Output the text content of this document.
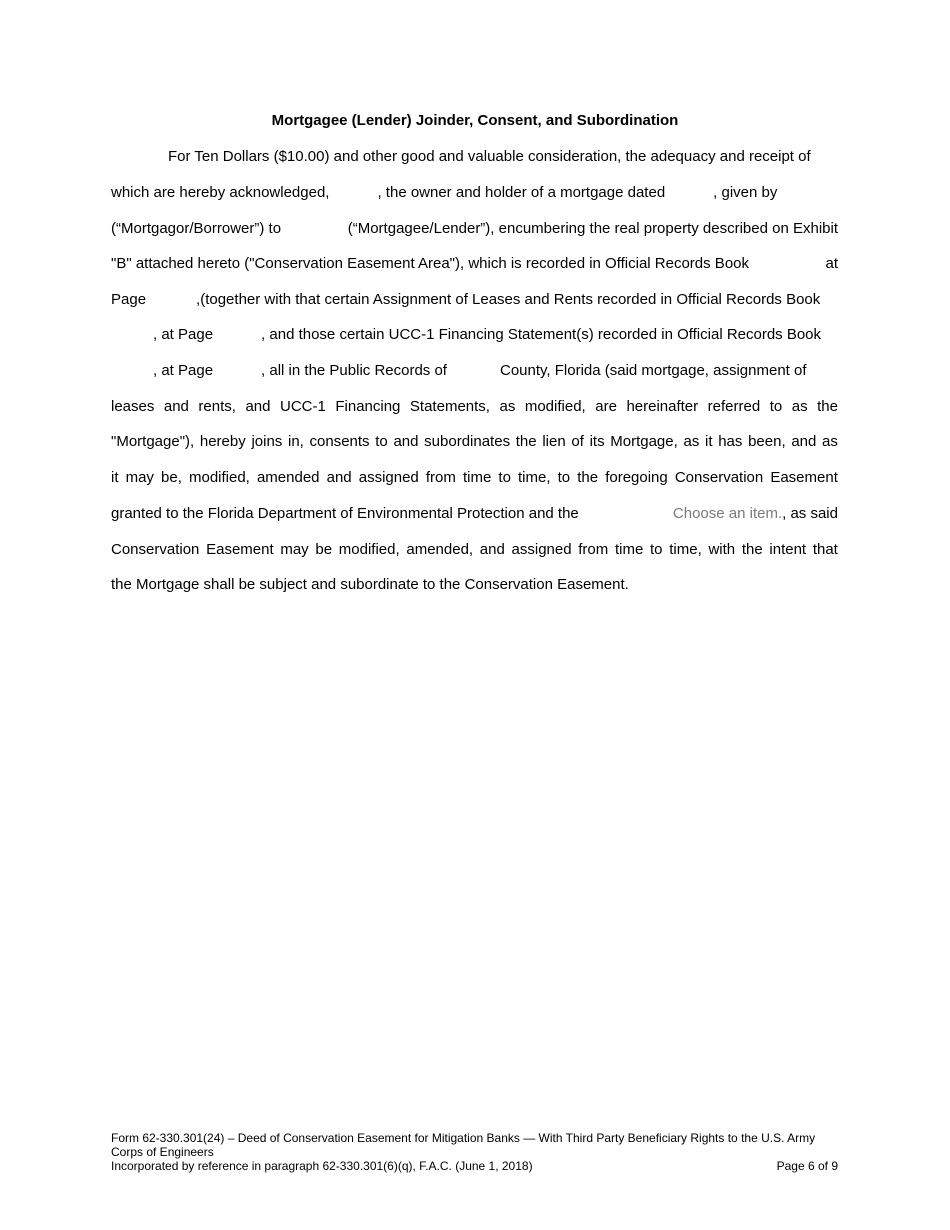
Mortgagee (Lender) Joinder, Consent, and Subordination
For Ten Dollars ($10.00) and other good and valuable consideration, the adequacy and receipt of
which are hereby acknowledged,	, the owner and holder of a mortgage dated	, given by
(“Mortgagor/Borrower”) to	(“Mortgagee/Lender”), encumbering the real property described on Exhibit
"B" attached hereto ("Conservation Easement Area"), which is recorded in Official Records Book	at
Page	,(together with that certain Assignment of Leases and Rents recorded in Official Records Book
, at Page	, and those certain UCC-1 Financing Statement(s) recorded in Official Records Book
, at Page	, all in the Public Records of	County, Florida (said mortgage, assignment of
leases and rents, and UCC-1 Financing Statements, as modified, are hereinafter referred to as the
"Mortgage"), hereby joins in, consents to and subordinates the lien of its Mortgage, as it has been, and as
it may be, modified, amended and assigned from time to time, to the foregoing Conservation Easement
granted to the Florida Department of Environmental Protection and the	Choose an item., as said
Conservation Easement may be modified, amended, and assigned from time to time, with the intent that
the Mortgage shall be subject and subordinate to the Conservation Easement.
Form 62-330.301(24) – Deed of Conservation Easement for Mitigation Banks — With Third Party Beneficiary Rights to the U.S. Army
Corps of Engineers
Incorporated by reference in paragraph 62-330.301(6)(q), F.A.C. (June 1, 2018)	Page 6 of 9
